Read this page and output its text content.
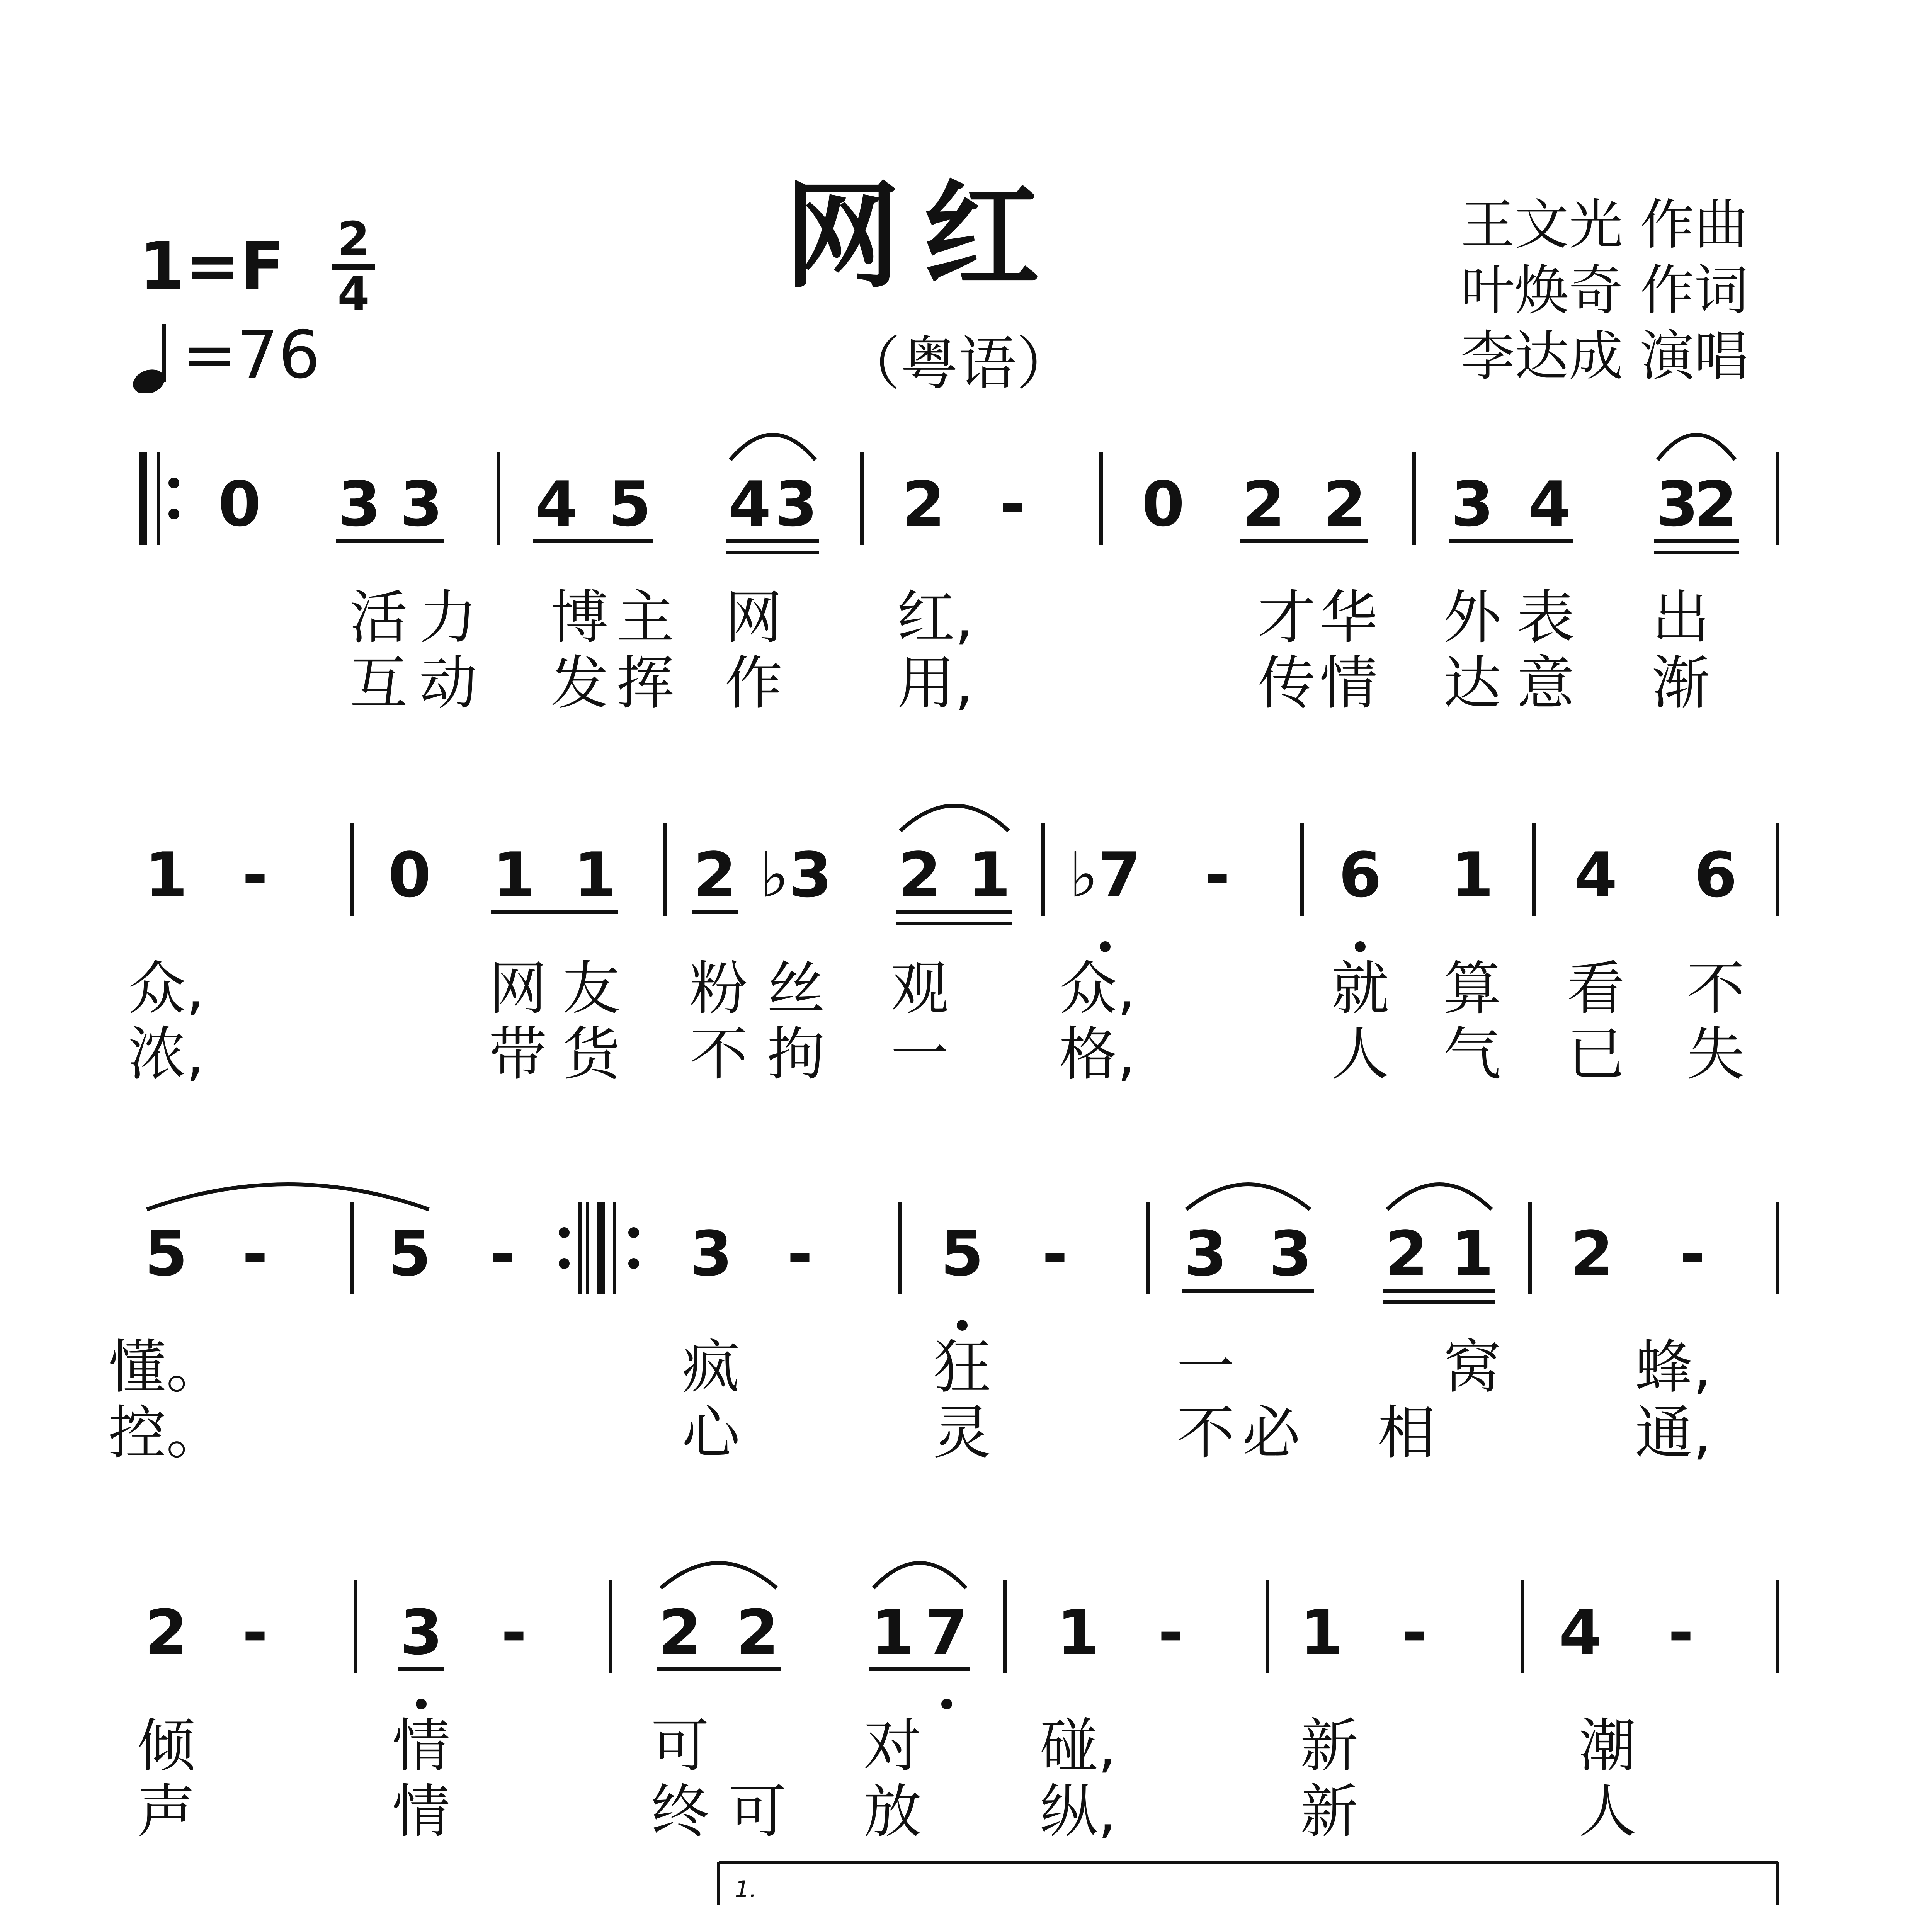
网红
（粤语）
1=F 2
4
=76
王文光 作曲
叶焕奇 作词
李达成 演唱
0 3 3 4 5 4 3 2 - 0 2 2 3 4 3
2
活 力 博 主 网 红,	才 华 外 表 出
互 动 发 挥 作 用,	传 情 达 意 渐
1 - 0 1 1 2 ♭3 2 1 ♭7 - 6 1 4 6
众,	网 友 粉 丝 观 众,	就 算 看 不
浓,	带 货 不 拘 一 格,	人 气 已 失
5 - 5 -	3 - 5 - 3 3 2 1 2 -
懂。	疯	狂	一	窝 蜂,
控。	心	灵	不 必 相	通,
2 - 3 - 2 2 1 7 1 - 1 - 4 -
倾	情	可	对 碰,	新	潮
声	情	终 可 放 纵,	新	人
1.
